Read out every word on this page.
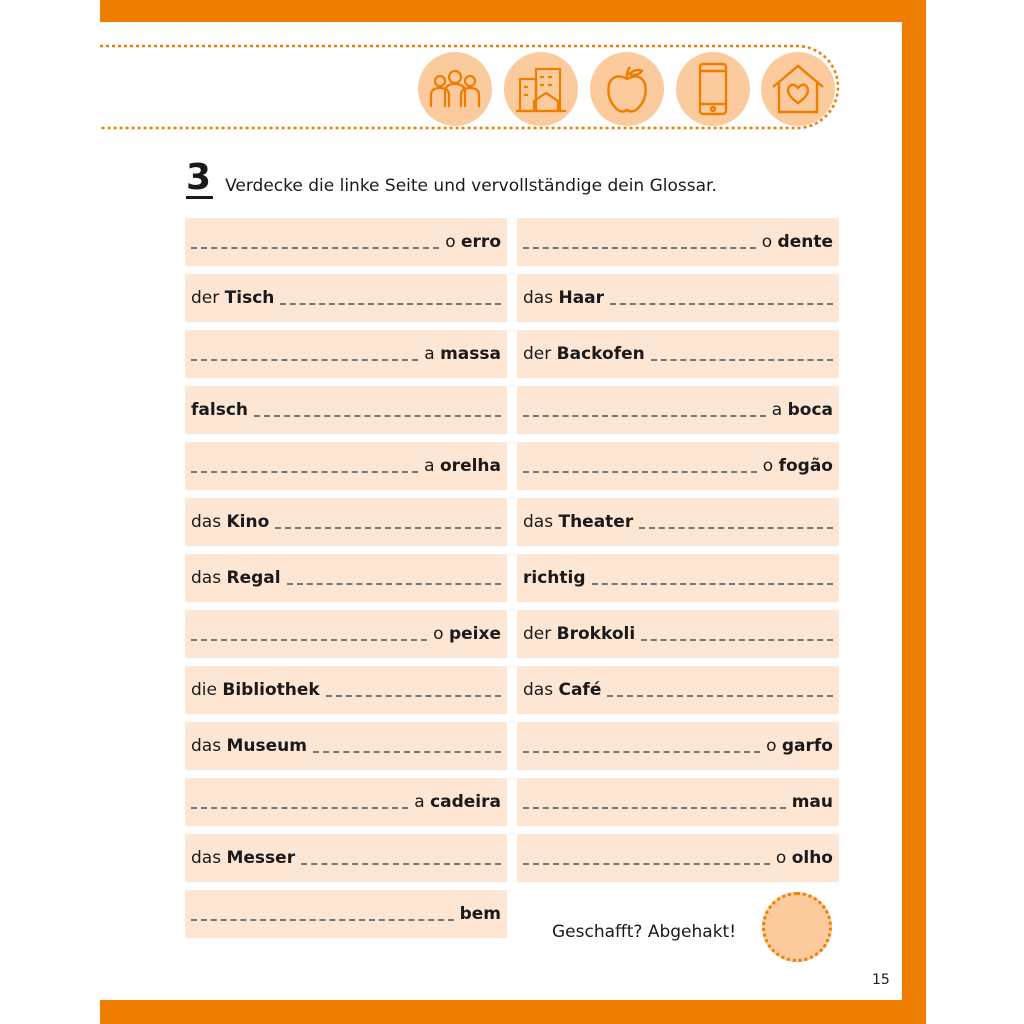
3 Verdecke die linke Seite und vervollständige dein Glossar.
o erro
der Tisch
a massa
falsch
a orelha
das Kino
das Regal
o peixe
die Bibliothek
das Museum
a cadeira
das Messer
bem
o dente
das Haar
der Backofen
a boca
o fogão
das Theater
richtig
der Brokkoli
das Café
o garfo
mau
o olho
Geschafft? Abgehakt!
15
